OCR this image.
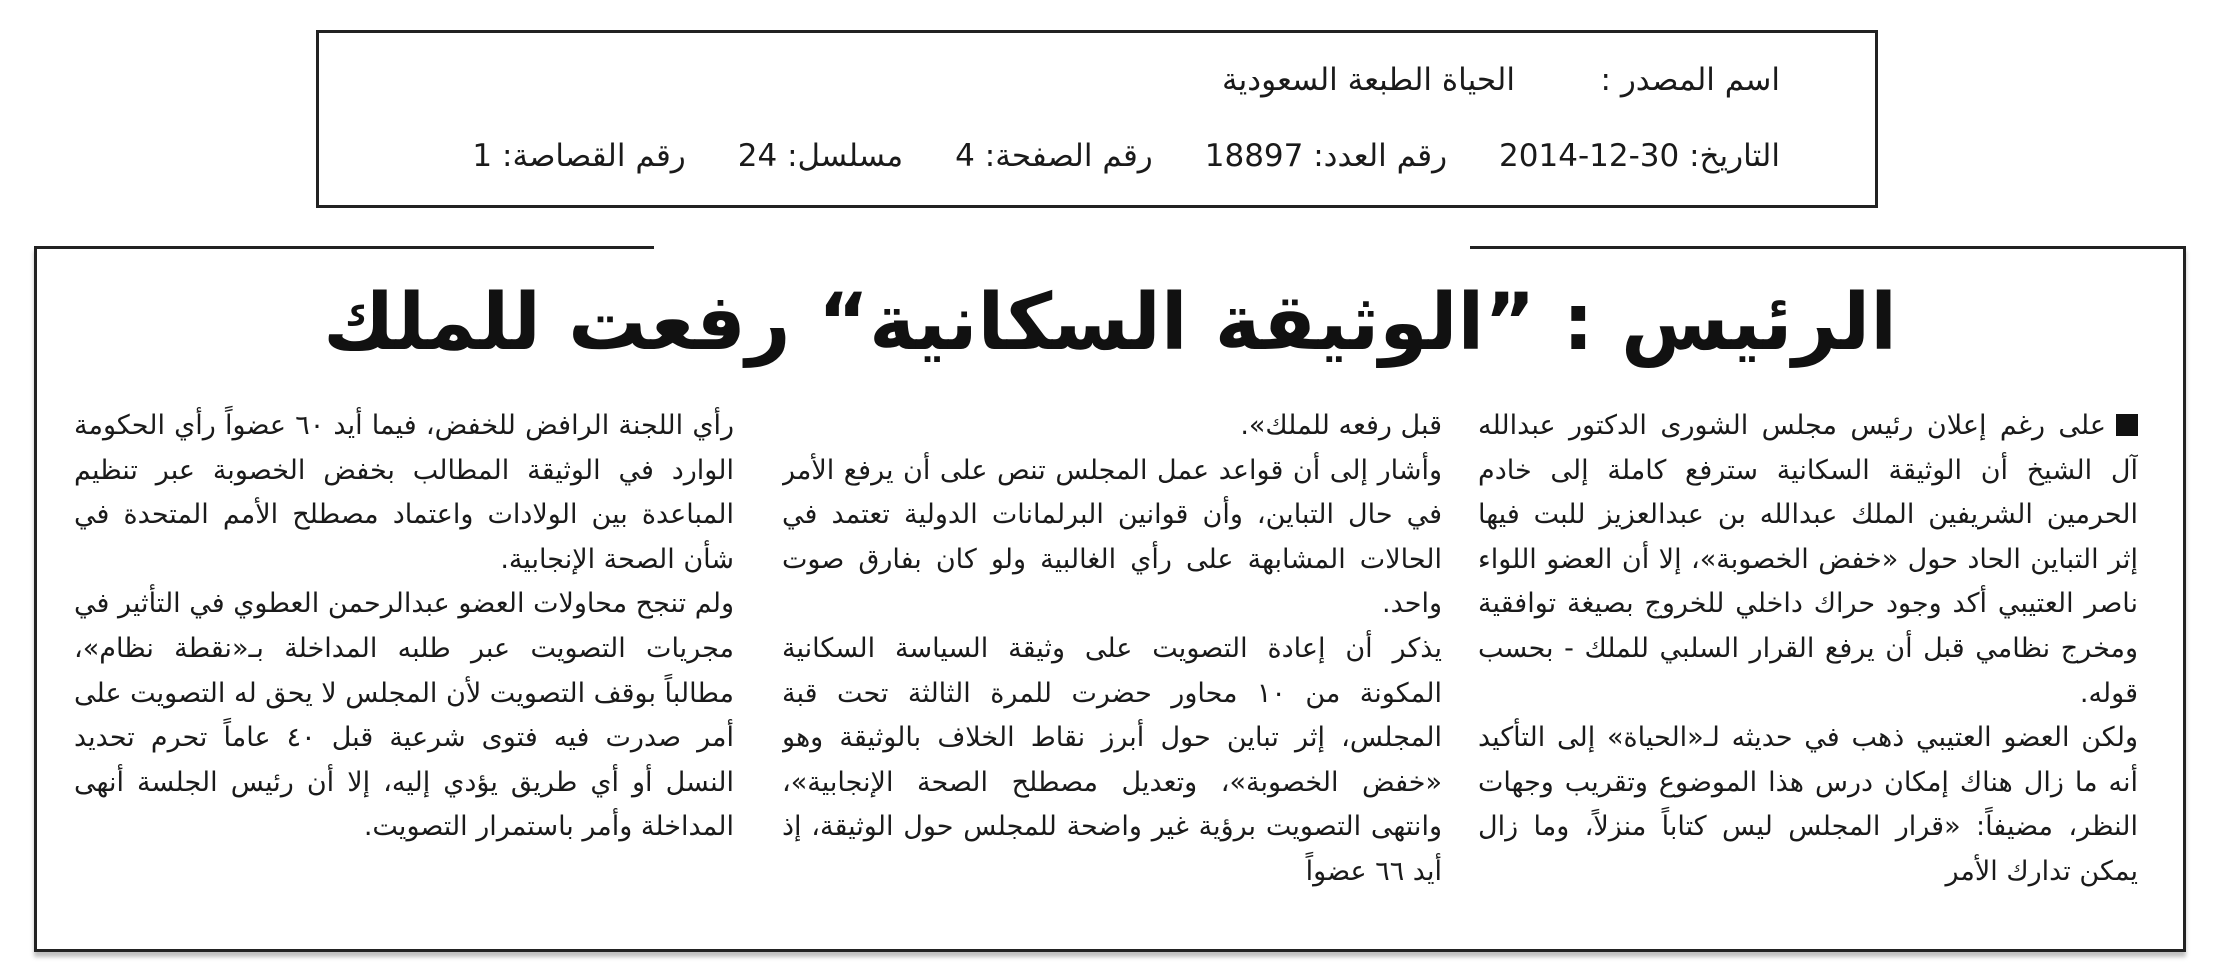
اسم المصدر :
الحياة الطبعة السعودية
التاريخ: 2014-12-30
رقم العدد: 18897
رقم الصفحة: 4
مسلسل: 24
رقم القصاصة: 1
الرئيس : ”الوثيقة السكانية“ رفعت للملك

على رغم إعلان رئيس مجلس الشورى الدكتور عبدالله آل الشيخ أن الوثيقة السكانية سترفع كاملة إلى خادم الحرمين الشريفين الملك عبدالله بن عبدالعزيز للبت فيها إثر التباين الحاد حول «خفض الخصوبة»، إلا أن العضو اللواء ناصر العتيبي أكد وجود حراك داخلي للخروج بصيغة توافقية ومخرج نظامي قبل أن يرفع القرار السلبي للملك - بحسب قوله.

ولكن العضو العتيبي ذهب في حديثه لـ«الحياة» إلى التأكيد أنه ما زال هناك إمكان درس هذا الموضوع وتقريب وجهات النظر، مضيفاً: «قرار المجلس ليس كتاباً منزلاً، وما زال يمكن تدارك الأمر

قبل رفعه للملك».

وأشار إلى أن قواعد عمل المجلس تنص على أن يرفع الأمر في حال التباين، وأن قوانين البرلمانات الدولية تعتمد في الحالات المشابهة على رأي الغالبية ولو كان بفارق صوت واحد.

يذكر أن إعادة التصويت على وثيقة السياسة السكانية المكونة من ١٠ محاور حضرت للمرة الثالثة تحت قبة المجلس، إثر تباين حول أبرز نقاط الخلاف بالوثيقة وهو «خفض الخصوبة»، وتعديل مصطلح الصحة الإنجابية»، وانتهى التصويت برؤية غير واضحة للمجلس حول الوثيقة، إذ أيد ٦٦ عضواً

رأي اللجنة الرافض للخفض، فيما أيد ٦٠ عضواً رأي الحكومة الوارد في الوثيقة المطالب بخفض الخصوبة عبر تنظيم المباعدة بين الولادات واعتماد مصطلح الأمم المتحدة في شأن الصحة الإنجابية.

ولم تنجح محاولات العضو عبدالرحمن العطوي في التأثير في مجريات التصويت عبر طلبه المداخلة بـ«نقطة نظام»، مطالباً بوقف التصويت لأن المجلس لا يحق له التصويت على أمر صدرت فيه فتوى شرعية قبل ٤٠ عاماً تحرم تحديد النسل أو أي طريق يؤدي إليه، إلا أن رئيس الجلسة أنهى المداخلة وأمر باستمرار التصويت.
